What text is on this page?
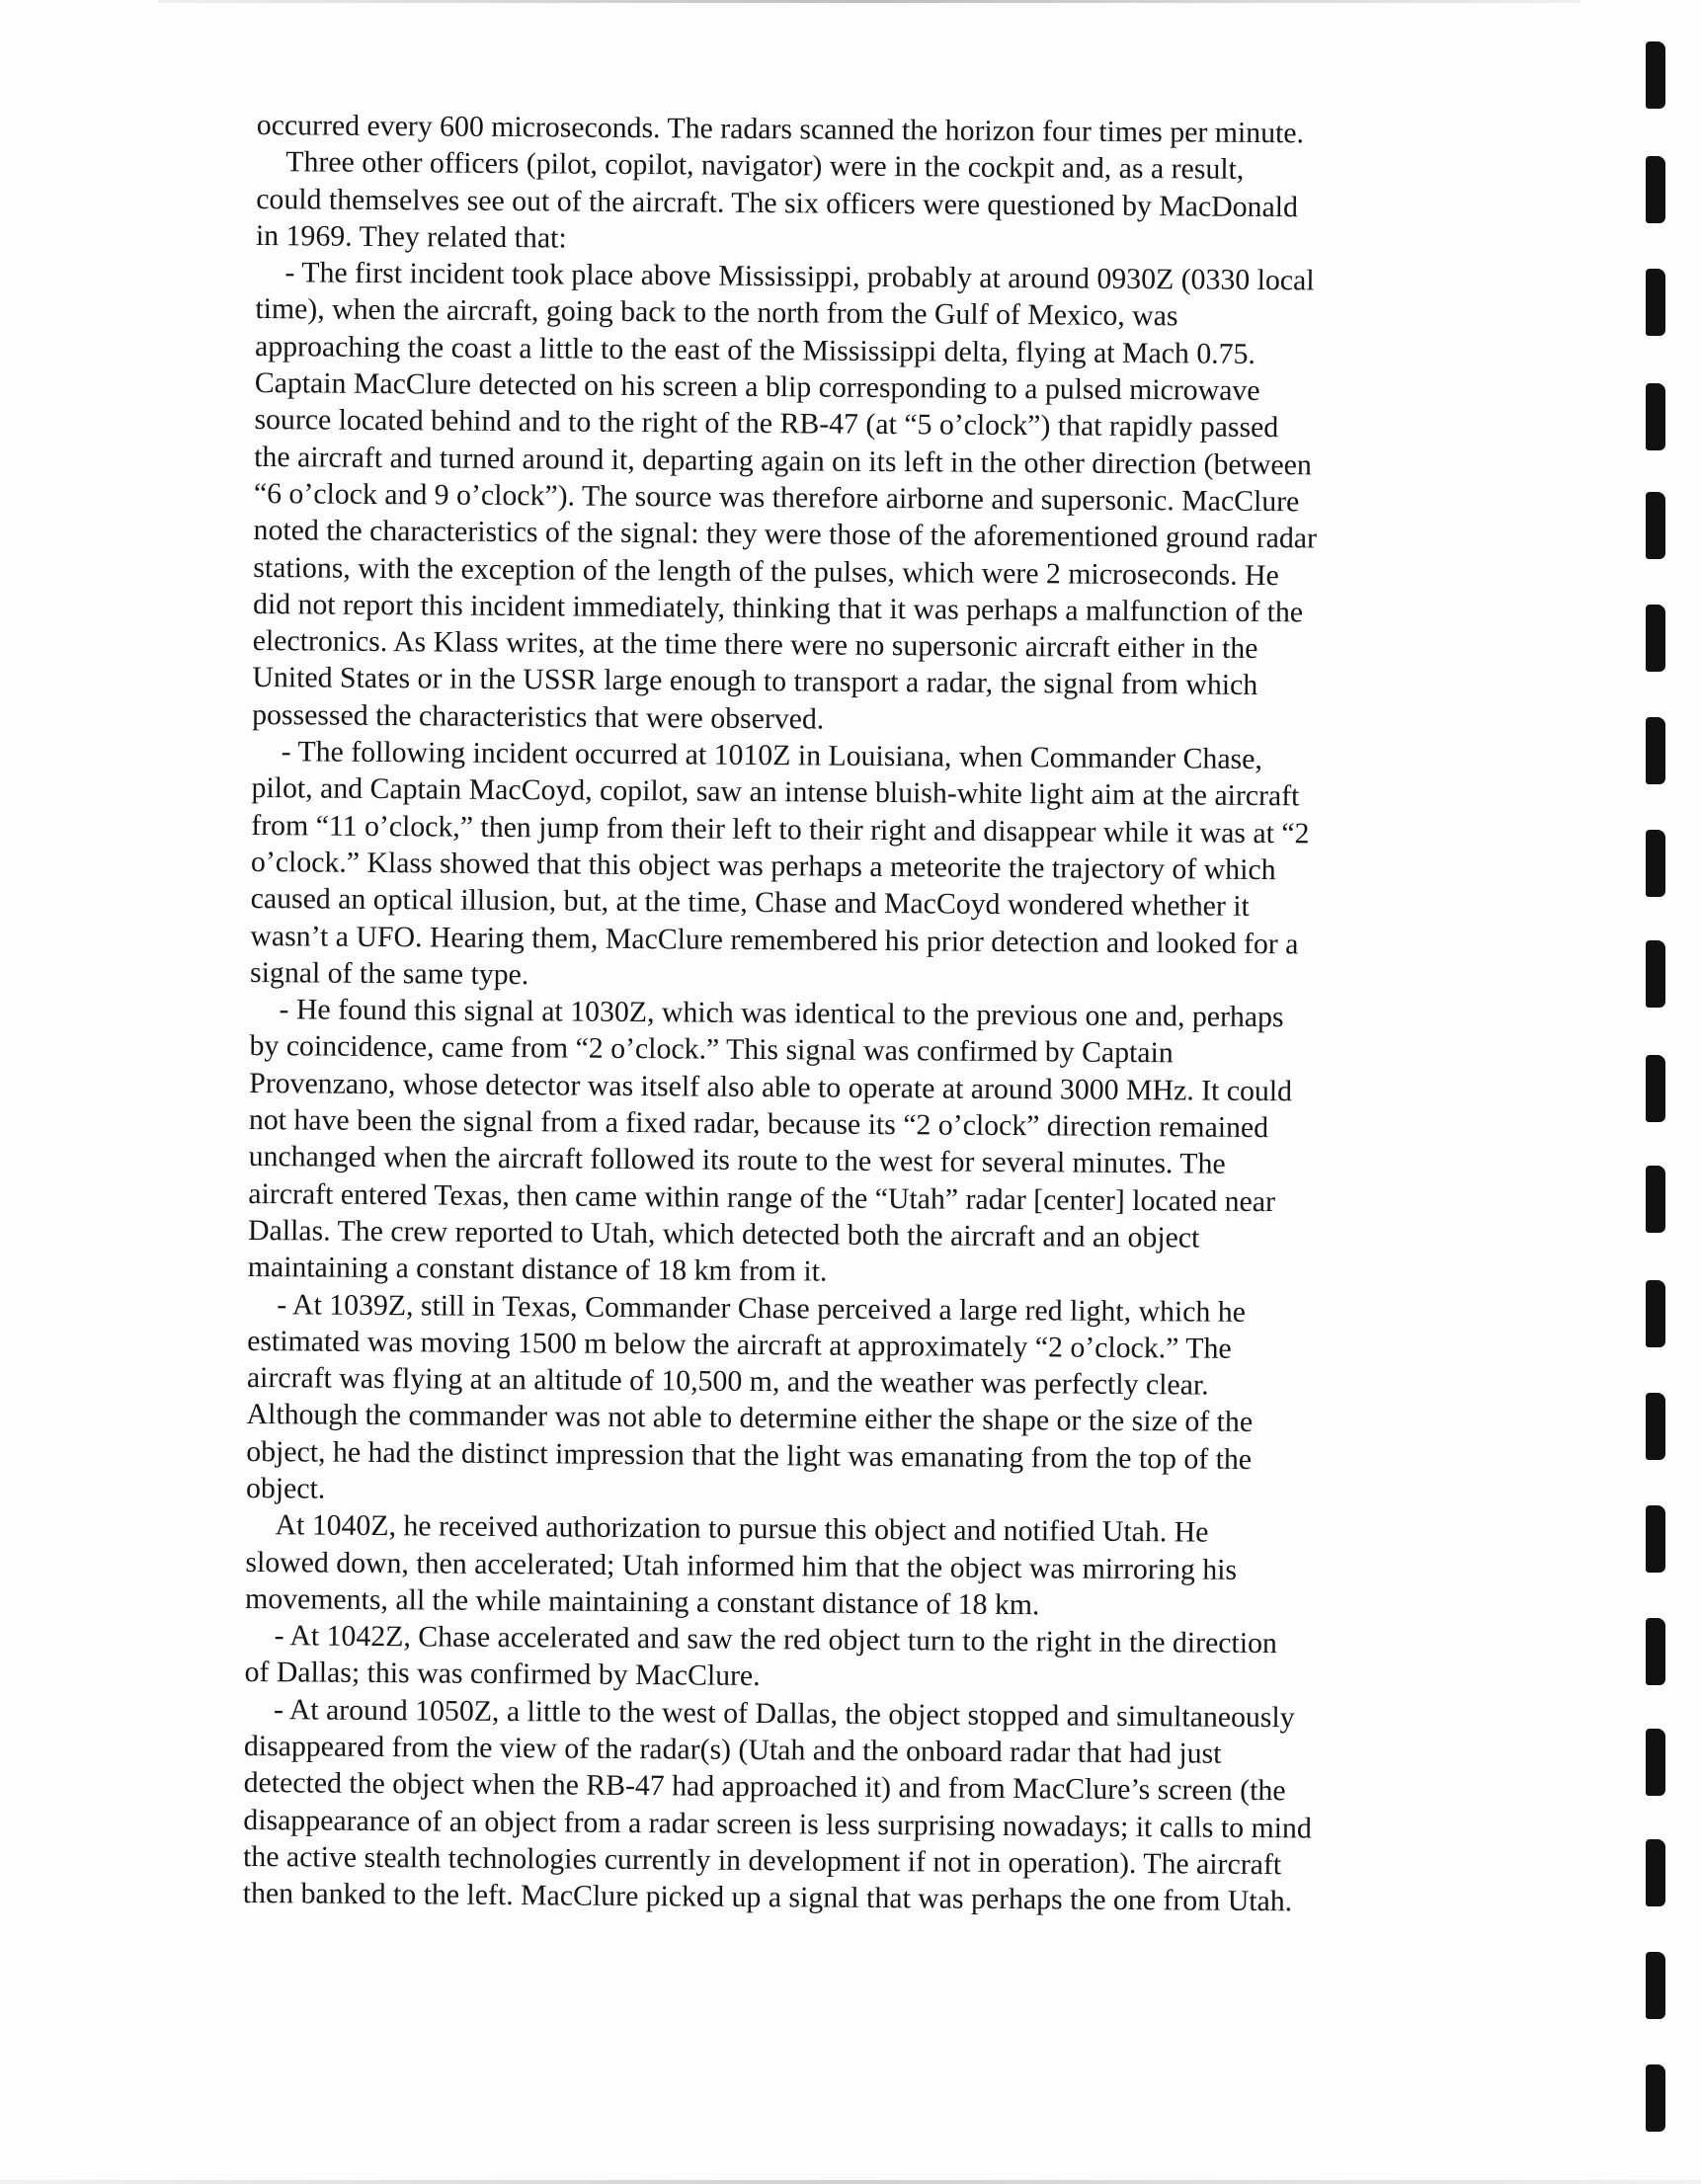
occurred every 600 microseconds. The radars scanned the horizon four times per minute.
Three other officers (pilot, copilot, navigator) were in the cockpit and, as a result,
could themselves see out of the aircraft. The six officers were questioned by MacDonald
in 1969. They related that:
- The first incident took place above Mississippi, probably at around 0930Z (0330 local
time), when the aircraft, going back to the north from the Gulf of Mexico, was
approaching the coast a little to the east of the Mississippi delta, flying at Mach 0.75.
Captain MacClure detected on his screen a blip corresponding to a pulsed microwave
source located behind and to the right of the RB-47 (at “5 o’clock”) that rapidly passed
the aircraft and turned around it, departing again on its left in the other direction (between
“6 o’clock and 9 o’clock”). The source was therefore airborne and supersonic. MacClure
noted the characteristics of the signal: they were those of the aforementioned ground radar
stations, with the exception of the length of the pulses, which were 2 microseconds. He
did not report this incident immediately, thinking that it was perhaps a malfunction of the
electronics. As Klass writes, at the time there were no supersonic aircraft either in the
United States or in the USSR large enough to transport a radar, the signal from which
possessed the characteristics that were observed.
- The following incident occurred at 1010Z in Louisiana, when Commander Chase,
pilot, and Captain MacCoyd, copilot, saw an intense bluish-white light aim at the aircraft
from “11 o’clock,” then jump from their left to their right and disappear while it was at “2
o’clock.” Klass showed that this object was perhaps a meteorite the trajectory of which
caused an optical illusion, but, at the time, Chase and MacCoyd wondered whether it
wasn’t a UFO. Hearing them, MacClure remembered his prior detection and looked for a
signal of the same type.
- He found this signal at 1030Z, which was identical to the previous one and, perhaps
by coincidence, came from “2 o’clock.” This signal was confirmed by Captain
Provenzano, whose detector was itself also able to operate at around 3000 MHz. It could
not have been the signal from a fixed radar, because its “2 o’clock” direction remained
unchanged when the aircraft followed its route to the west for several minutes. The
aircraft entered Texas, then came within range of the “Utah” radar [center] located near
Dallas. The crew reported to Utah, which detected both the aircraft and an object
maintaining a constant distance of 18 km from it.
- At 1039Z, still in Texas, Commander Chase perceived a large red light, which he
estimated was moving 1500 m below the aircraft at approximately “2 o’clock.” The
aircraft was flying at an altitude of 10,500 m, and the weather was perfectly clear.
Although the commander was not able to determine either the shape or the size of the
object, he had the distinct impression that the light was emanating from the top of the
object.
At 1040Z, he received authorization to pursue this object and notified Utah. He
slowed down, then accelerated; Utah informed him that the object was mirroring his
movements, all the while maintaining a constant distance of 18 km.
- At 1042Z, Chase accelerated and saw the red object turn to the right in the direction
of Dallas; this was confirmed by MacClure.
- At around 1050Z, a little to the west of Dallas, the object stopped and simultaneously
disappeared from the view of the radar(s) (Utah and the onboard radar that had just
detected the object when the RB-47 had approached it) and from MacClure’s screen (the
disappearance of an object from a radar screen is less surprising nowadays; it calls to mind
the active stealth technologies currently in development if not in operation). The aircraft
then banked to the left. MacClure picked up a signal that was perhaps the one from Utah.
